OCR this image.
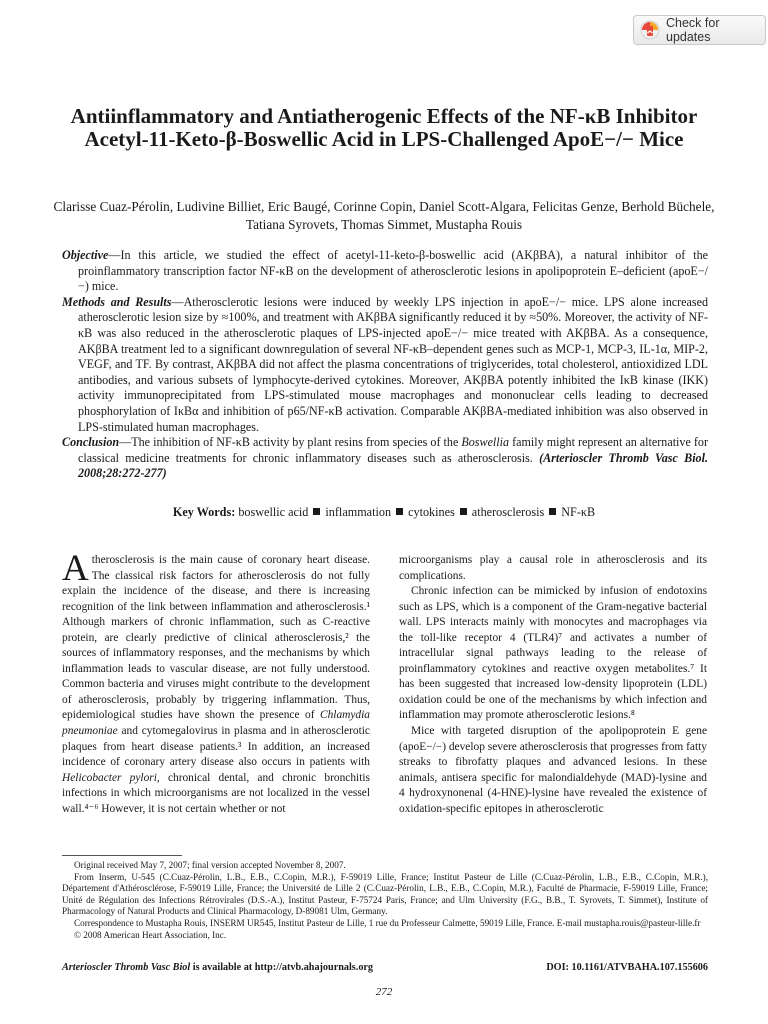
Check for updates
Antiinflammatory and Antiatherogenic Effects of the NF-κB Inhibitor Acetyl-11-Keto-β-Boswellic Acid in LPS-Challenged ApoE−/− Mice

Clarisse Cuaz-Pérolin, Ludivine Billiet, Eric Baugé, Corinne Copin, Daniel Scott-Algara, Felicitas Genze, Berhold Büchele, Tatiana Syrovets, Thomas Simmet, Mustapha Rouis

Objective—In this article, we studied the effect of acetyl-11-keto-β-boswellic acid (AKβBA), a natural inhibitor of the proinflammatory transcription factor NF-κB on the development of atherosclerotic lesions in apolipoprotein E–deficient (apoE−/−) mice.

Methods and Results—Atherosclerotic lesions were induced by weekly LPS injection in apoE−/− mice. LPS alone increased atherosclerotic lesion size by ≈100%, and treatment with AKβBA significantly reduced it by ≈50%. Moreover, the activity of NF-κB was also reduced in the atherosclerotic plaques of LPS-injected apoE−/− mice treated with AKβBA. As a consequence, AKβBA treatment led to a significant downregulation of several NF-κB–dependent genes such as MCP-1, MCP-3, IL-1α, MIP-2, VEGF, and TF. By contrast, AKβBA did not affect the plasma concentrations of triglycerides, total cholesterol, antioxidized LDL antibodies, and various subsets of lymphocyte-derived cytokines. Moreover, AKβBA potently inhibited the IκB kinase (IKK) activity immunoprecipitated from LPS-stimulated mouse macrophages and mononuclear cells leading to decreased phosphorylation of IκBα and inhibition of p65/NF-κB activation. Comparable AKβBA-mediated inhibition was also observed in LPS-stimulated human macrophages.

Conclusion—The inhibition of NF-κB activity by plant resins from species of the Boswellia family might represent an alternative for classical medicine treatments for chronic inflammatory diseases such as atherosclerosis. (Arterioscler Thromb Vasc Biol. 2008;28:272-277)

Key Words: boswellic acid inflammation cytokines atherosclerosis NF-κB

Atherosclerosis is the main cause of coronary heart disease. The classical risk factors for atherosclerosis do not fully explain the incidence of the disease, and there is increasing recognition of the link between inflammation and atherosclerosis.¹ Although markers of chronic inflammation, such as C-reactive protein, are clearly predictive of clinical atherosclerosis,² the sources of inflammatory responses, and the mechanisms by which inflammation leads to vascular disease, are not fully understood. Common bacteria and viruses might contribute to the development of atherosclerosis, probably by triggering inflammation. Thus, epidemiological studies have shown the presence of Chlamydia pneumoniae and cytomegalovirus in plasma and in atherosclerotic plaques from heart disease patients.³ In addition, an increased incidence of coronary artery disease also occurs in patients with Helicobacter pylori, chronical dental, and chronic bronchitis infections in which microorganisms are not localized in the vessel wall.⁴⁻⁶ However, it is not certain whether or not

microorganisms play a causal role in atherosclerosis and its complications.

Chronic infection can be mimicked by infusion of endotoxins such as LPS, which is a component of the Gram-negative bacterial wall. LPS interacts mainly with monocytes and macrophages via the toll-like receptor 4 (TLR4)⁷ and activates a number of intracellular signal pathways leading to the release of proinflammatory cytokines and reactive oxygen metabolites.⁷ It has been suggested that increased low-density lipoprotein (LDL) oxidation could be one of the mechanisms by which infection and inflammation may promote atherosclerotic lesions.⁸

Mice with targeted disruption of the apolipoprotein E gene (apoE−/−) develop severe atherosclerosis that progresses from fatty streaks to fibrofatty plaques and advanced lesions. In these animals, antisera specific for malondialdehyde (MAD)-lysine and 4 hydroxynonenal (4-HNE)-lysine have revealed the existence of oxidation-specific epitopes in atherosclerotic

Original received May 7, 2007; final version accepted November 8, 2007.

From Inserm, U-545 (C.Cuaz-Pérolin, L.B., E.B., C.Copin, M.R.), F-59019 Lille, France; Institut Pasteur de Lille (C.Cuaz-Pérolin, L.B., E.B., C.Copin, M.R.), Département d'Athérosclérose, F-59019 Lille, France; the Université de Lille 2 (C.Cuaz-Pérolin, L.B., E.B., C.Copin, M.R.), Faculté de Pharmacie, F-59019 Lille, France; Unité de Régulation des Infections Rétrovirales (D.S.-A.), Institut Pasteur, F-75724 Paris, France; and Ulm University (F.G., B.B., T. Syrovets, T. Simmet), Institute of Pharmacology of Natural Products and Clinical Pharmacology, D-89081 Ulm, Germany.

Correspondence to Mustapha Rouis, INSERM UR545, Institut Pasteur de Lille, 1 rue du Professeur Calmette, 59019 Lille, France. E-mail mustapha.rouis@pasteur-lille.fr

© 2008 American Heart Association, Inc.

Arterioscler Thromb Vasc Biol is available at http://atvb.ahajournals.org	DOI: 10.1161/ATVBAHA.107.155606
272
